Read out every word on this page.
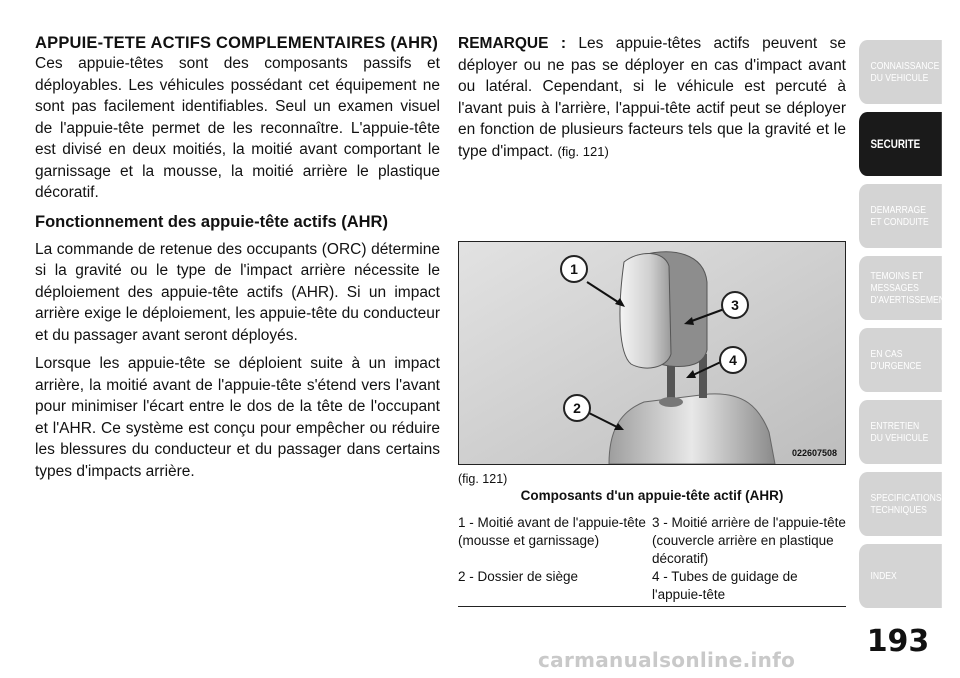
APPUIE-TETE ACTIFS COMPLEMENTAIRES (AHR)

Ces appuie-têtes sont des composants passifs et déployables. Les véhicules possédant cet équipement ne sont pas facilement identifiables. Seul un examen visuel de l'appuie-tête permet de les reconnaître. L'appuie-tête est divisé en deux moitiés, la moitié avant comportant le garnissage et la mousse, la moitié arrière le plastique décoratif.

Fonctionnement des appuie-tête actifs (AHR)

La commande de retenue des occupants (ORC) détermine si la gravité ou le type de l'impact arrière nécessite le déploiement des appuie-tête actifs (AHR). Si un impact arrière exige le déploiement, les appuie-tête du conducteur et du passager avant seront déployés.

Lorsque les appuie-tête se déploient suite à un impact arrière, la moitié avant de l'appuie-tête s'étend vers l'avant pour minimiser l'écart entre le dos de la tête de l'occupant et l'AHR. Ce système est conçu pour empêcher ou réduire les blessures du conducteur et du passager dans certains types d'impacts arrière.

REMARQUE : Les appuie-têtes actifs peuvent se déployer ou ne pas se déployer en cas d'impact avant ou latéral. Cependant, si le véhicule est percuté à l'avant puis à l'arrière, l'appui-tête actif peut se déployer en fonction de plusieurs facteurs tels que la gravité et le type d'impact. (fig. 121)

1
2
3
4
022607508
(fig. 121)
Composants d'un appuie-tête actif (AHR)
1 - Moitié avant de l'appuie-tête (mousse et garnissage)
3 - Moitié arrière de l'appuie-tête (couvercle arrière en plastique décoratif)
2 - Dossier de siège	4 - Tubes de guidage de l'appuie-tête
CONNAISSANCE
DU VEHICULE
SECURITE
DEMARRAGE
ET CONDUITE
TEMOINS ET
MESSAGES
D'AVERTISSEMENT
EN CAS
D'URGENCE
ENTRETIEN
DU VEHICULE
SPECIFICATIONS
TECHNIQUES
INDEX
193
carmanualsonline.info
